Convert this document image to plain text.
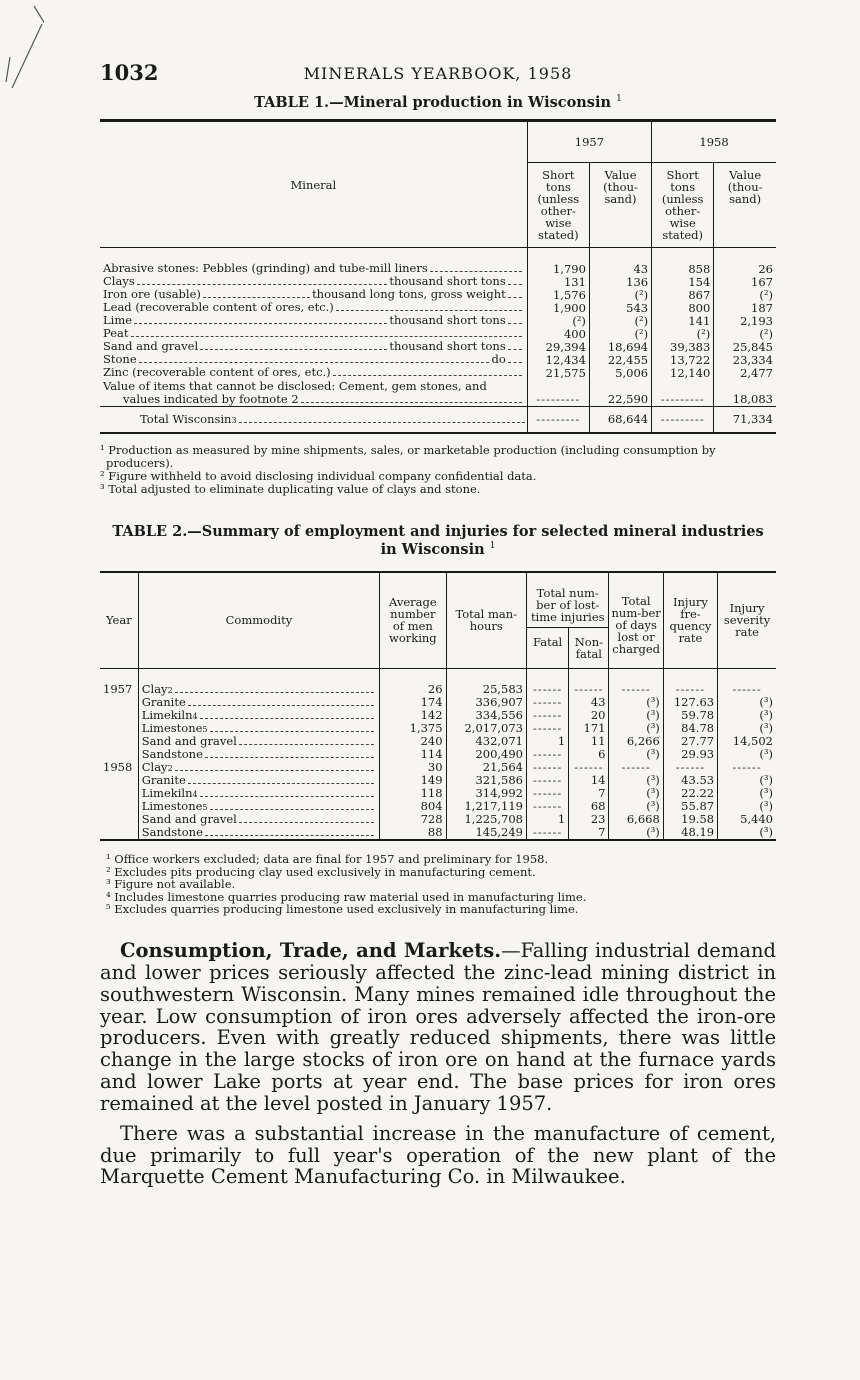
1032	MINERALS YEARBOOK, 1958
TABLE 1.—Mineral production in Wisconsin $^1$
Mineral	1957		1958	
	Short tons (unless other-wise stated)	Value (thou-sand)	Short tons (unless other-wise stated)	Value (thou-sand)

Abrasive stones: Pebbles (grinding) and tube-mill liners	1,790	43	858	26

Clays thousand short tons	131	136	154	167

Iron ore (usable) thousand long tons, gross weight	1,576	(²)	867	(²)

Lead (recoverable content of ores, etc.)	1,900	543	800	187

Lime thousand short tons	(²)	(²)	141	2,193

Peat	400	(²)	(²)	(²)

Sand and gravel thousand short tons	29,394	18,694	39,383	25,845

Stone do	12,434	22,455	13,722	23,334

Zinc (recoverable content of ores, etc.)	21,575	5,006	12,140	2,477

Value of items that cannot be disclosed: Cement, gem stones, and
values indicated by footnote 2	---------	22,590	---------	18,083

Total Wisconsin 3	---------	68,644	---------	71,334

¹ Production as measured by mine shipments, sales, or marketable production (including consumption by producers).

² Figure withheld to avoid disclosing individual company confidential data.

³ Total adjusted to eliminate duplicating value of clays and stone.

TABLE 2.—Summary of employment and injuries for selected mineral industries
in Wisconsin $^1$
Year	Commodity	Average number of men working	Total man-hours	Total num-ber of lost-time injuries		Total num-ber of days lost or charged	Injury fre-quency rate	Injury severity rate
				Fatal	Non-fatal			
1957	Clay 2	26	25,583	------	------	------	------	------

	Granite	174	336,907	------	43	(³)	127.63	(³)

	Limekiln 4	142	334,556	------	20	(³)	59.78	(³)

	Limestone 5	1,375	2,017,073	------	171	(³)	84.78	(³)

	Sand and gravel	240	432,071	1	11	6,266	27.77	14,502

	Sandstone	114	200,490	------	6	(³)	29.93	(³)
1958	Clay 2	30	21,564	------	------	------	------	------

	Granite	149	321,586	------	14	(³)	43.53	(³)

	Limekiln 4	118	314,992	------	7	(³)	22.22	(³)

	Limestone 5	804	1,217,119	------	68	(³)	55.87	(³)

	Sand and gravel	728	1,225,708	1	23	6,668	19.58	5,440

	Sandstone	88	145,249	------	7	(³)	48.19	(³)

¹ Office workers excluded; data are final for 1957 and preliminary for 1958.

² Excludes pits producing clay used exclusively in manufacturing cement.

³ Figure not available.

⁴ Includes limestone quarries producing raw material used in manufacturing lime.

⁵ Excludes quarries producing limestone used exclusively in manufacturing lime.

Consumption, Trade, and Markets.—Falling industrial demand and lower prices seriously affected the zinc-lead mining district in southwestern Wisconsin. Many mines remained idle throughout the year. Low consumption of iron ores adversely affected the iron-ore producers. Even with greatly reduced shipments, there was little change in the large stocks of iron ore on hand at the furnace yards and lower Lake ports at year end. The base prices for iron ores remained at the level posted in January 1957.

There was a substantial increase in the manufacture of cement, due primarily to full year's operation of the new plant of the Marquette Cement Manufacturing Co. in Milwaukee.
